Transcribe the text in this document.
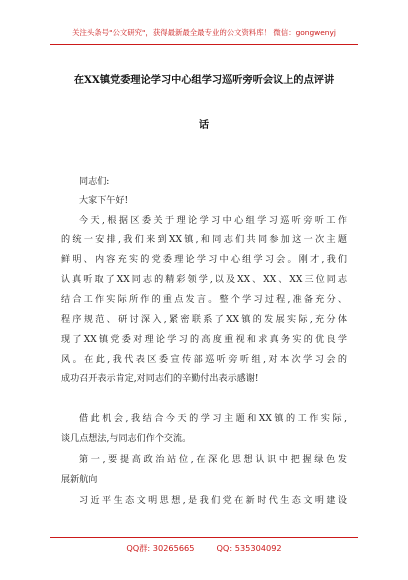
关注头条号"公文研究"，获得最新最全最专业的公文资料库！ 微信：gongwenyj
在XX镇党委理论学习中心组学习巡听旁听会议上的点评讲
话
同志们:
大家下午好!
今天,根据区委关于理论学习中心组学习巡听旁听工作
的统一安排,我们来到XX镇,和同志们共同参加这一次主题
鲜明、内容充实的党委理论学习中心组学习会。刚才,我们
认真听取了XX同志的精彩领学,以及XX、XX、XX三位同志
结合工作实际所作的重点发言。整个学习过程,准备充分、
程序规范、研讨深入,紧密联系了XX镇的发展实际,充分体
现了XX镇党委对理论学习的高度重视和求真务实的优良学
风。在此,我代表区委宣传部巡听旁听组,对本次学习会的
成功召开表示肯定,对同志们的辛勤付出表示感谢!
借此机会,我结合今天的学习主题和XX镇的工作实际,
谈几点想法,与同志们作个交流。
第一,要提高政治站位,在深化思想认识中把握绿色发
展新航向
习近平生态文明思想,是我们党在新时代生态文明建设
QQ群: 30265665	QQ: 535304092
